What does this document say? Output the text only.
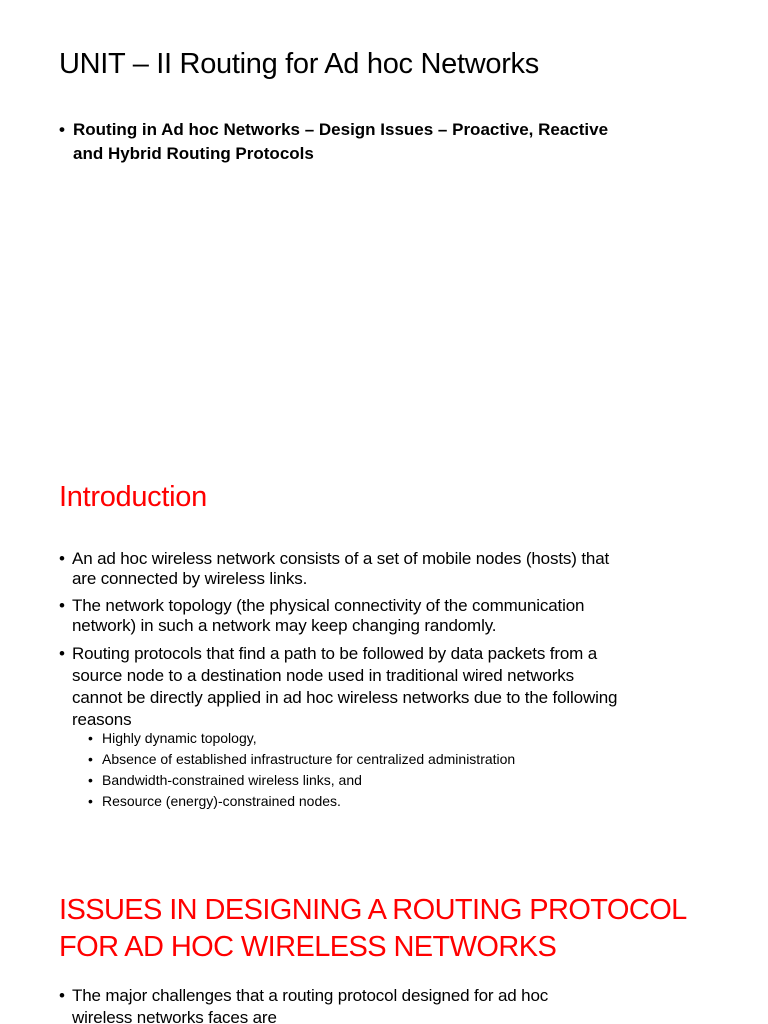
UNIT – II Routing for Ad hoc Networks
• Routing in Ad hoc Networks – Design Issues – Proactive, Reactive
and Hybrid Routing Protocols
Introduction
• An ad hoc wireless network consists of a set of mobile nodes (hosts) that
are connected by wireless links.
• The network topology (the physical connectivity of the communication
network) in such a network may keep changing randomly.
• Routing protocols that find a path to be followed by data packets from a
source node to a destination node used in traditional wired networks
cannot be directly applied in ad hoc wireless networks due to the following
reasons
• Highly dynamic topology,
• Absence of established infrastructure for centralized administration
• Bandwidth-constrained wireless links, and
• Resource (energy)-constrained nodes.
ISSUES IN DESIGNING A ROUTING PROTOCOL
FOR AD HOC WIRELESS NETWORKS
• The major challenges that a routing protocol designed for ad hoc
wireless networks faces are
